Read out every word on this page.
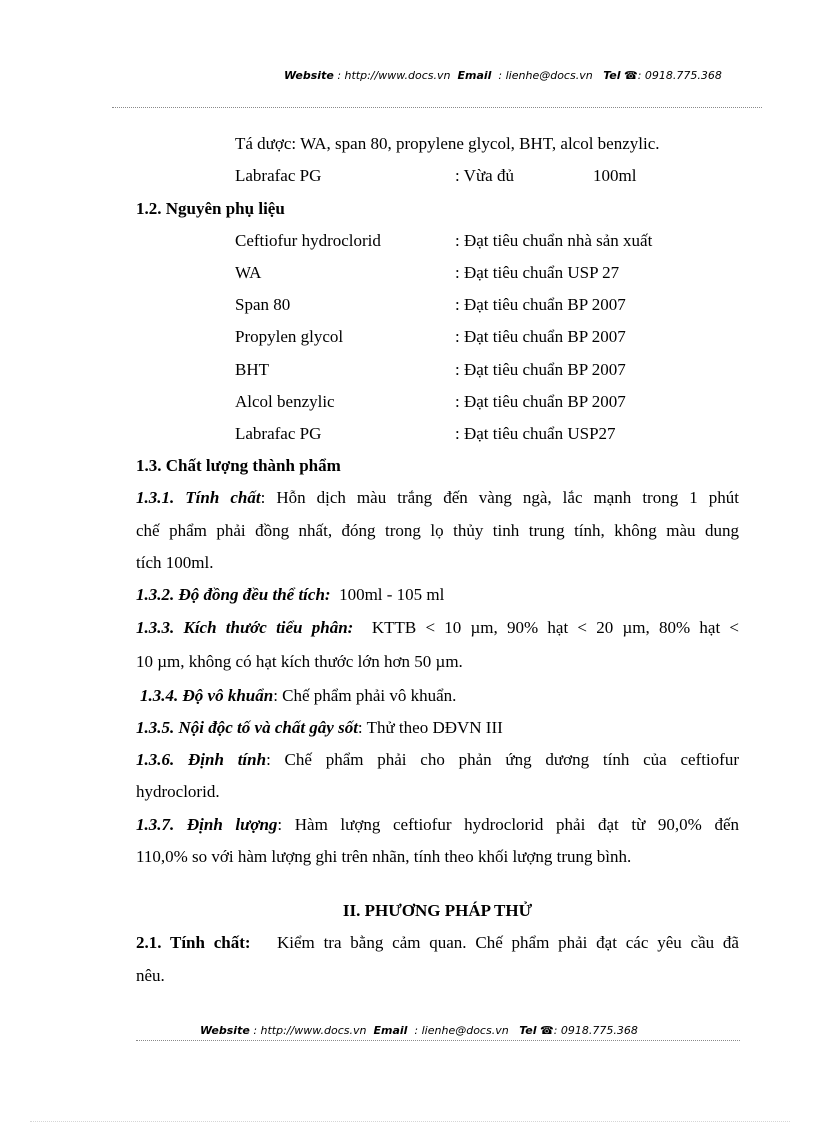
Website : http://www.docs.vn Email : lienhe@docs.vn Tel ☎: 0918.775.368
Tá dược: WA, span 80, propylene glycol, BHT, alcol benzylic.
Labrafac PG	: Vừa đủ	100ml
1.2. Nguyên phụ liệu
Ceftiofur hydroclorid	: Đạt tiêu chuẩn nhà sản xuất
WA	: Đạt tiêu chuẩn USP 27
Span 80	: Đạt tiêu chuẩn BP 2007
Propylen glycol	: Đạt tiêu chuẩn BP 2007
BHT	: Đạt tiêu chuẩn BP 2007
Alcol benzylic	: Đạt tiêu chuẩn BP 2007
Labrafac PG	: Đạt tiêu chuẩn USP27
1.3. Chất lượng thành phẩm
1.3.1. Tính chất: Hỗn dịch màu trắng đến vàng ngà, lắc mạnh trong 1 phút
chế phẩm phải đồng nhất, đóng trong lọ thủy tinh trung tính, không màu dung
tích 100ml.
1.3.2. Độ đồng đều thể tích: 100ml - 105 ml
1.3.3. Kích thước tiểu phân: KTTB < 10 µm, 90% hạt < 20 µm, 80% hạt <
10 µm, không có hạt kích thước lớn hơn 50 µm.
1.3.4. Độ vô khuẩn: Chế phẩm phải vô khuẩn.
1.3.5. Nội độc tố và chất gây sốt: Thử theo DĐVN III
1.3.6. Định tính: Chế phẩm phải cho phản ứng dương tính của ceftiofur
hydroclorid.
1.3.7. Định lượng: Hàm lượng ceftiofur hydroclorid phải đạt từ 90,0% đến
110,0% so với hàm lượng ghi trên nhãn, tính theo khối lượng trung bình.
II. PHƯƠNG PHÁP THỬ
2.1. Tính chất: Kiểm tra bằng cảm quan. Chế phẩm phải đạt các yêu cầu đã
nêu.
Website : http://www.docs.vn Email : lienhe@docs.vn Tel ☎: 0918.775.368
